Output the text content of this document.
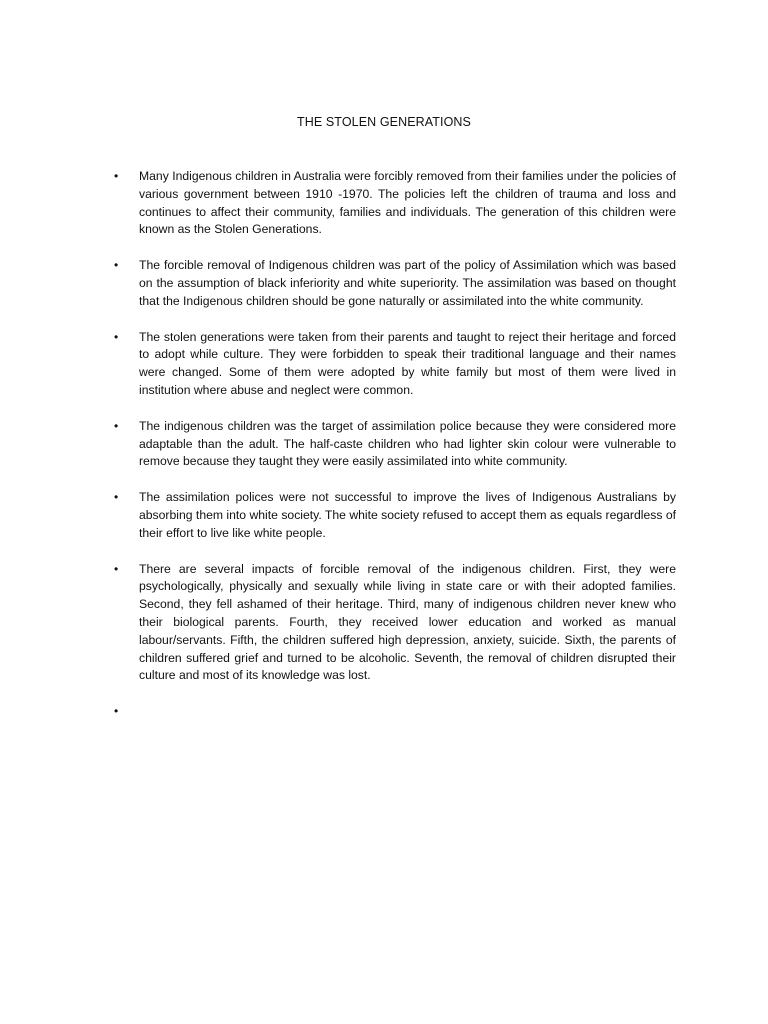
THE STOLEN GENERATIONS
•	Many Indigenous children in Australia were forcibly removed from their families under the policies of various government between 1910 -1970. The policies left the children of trauma and loss and continues to affect their community, families and individuals. The generation of this children were known as the Stolen Generations.
•	The forcible removal of Indigenous children was part of the policy of Assimilation which was based on the assumption of black inferiority and white superiority. The assimilation was based on thought that the Indigenous children should be gone naturally or assimilated into the white community.
•	The stolen generations were taken from their parents and taught to reject their heritage and forced to adopt while culture. They were forbidden to speak their traditional language and their names were changed. Some of them were adopted by white family but most of them were lived in institution where abuse and neglect were common.
•	The indigenous children was the target of assimilation police because they were considered more adaptable than the adult. The half-caste children who had lighter skin colour were vulnerable to remove because they taught they were easily assimilated into white community.
•	The assimilation polices were not successful to improve the lives of Indigenous Australians by absorbing them into white society. The white society refused to accept them as equals regardless of their effort to live like white people.
•	There are several impacts of forcible removal of the indigenous children. First, they were psychologically, physically and sexually while living in state care or with their adopted families. Second, they fell ashamed of their heritage. Third, many of indigenous children never knew who their biological parents. Fourth, they received lower education and worked as manual labour/servants. Fifth, the children suffered high depression, anxiety, suicide. Sixth, the parents of children suffered grief and turned to be alcoholic. Seventh, the removal of children disrupted their culture and most of its knowledge was lost.
•
